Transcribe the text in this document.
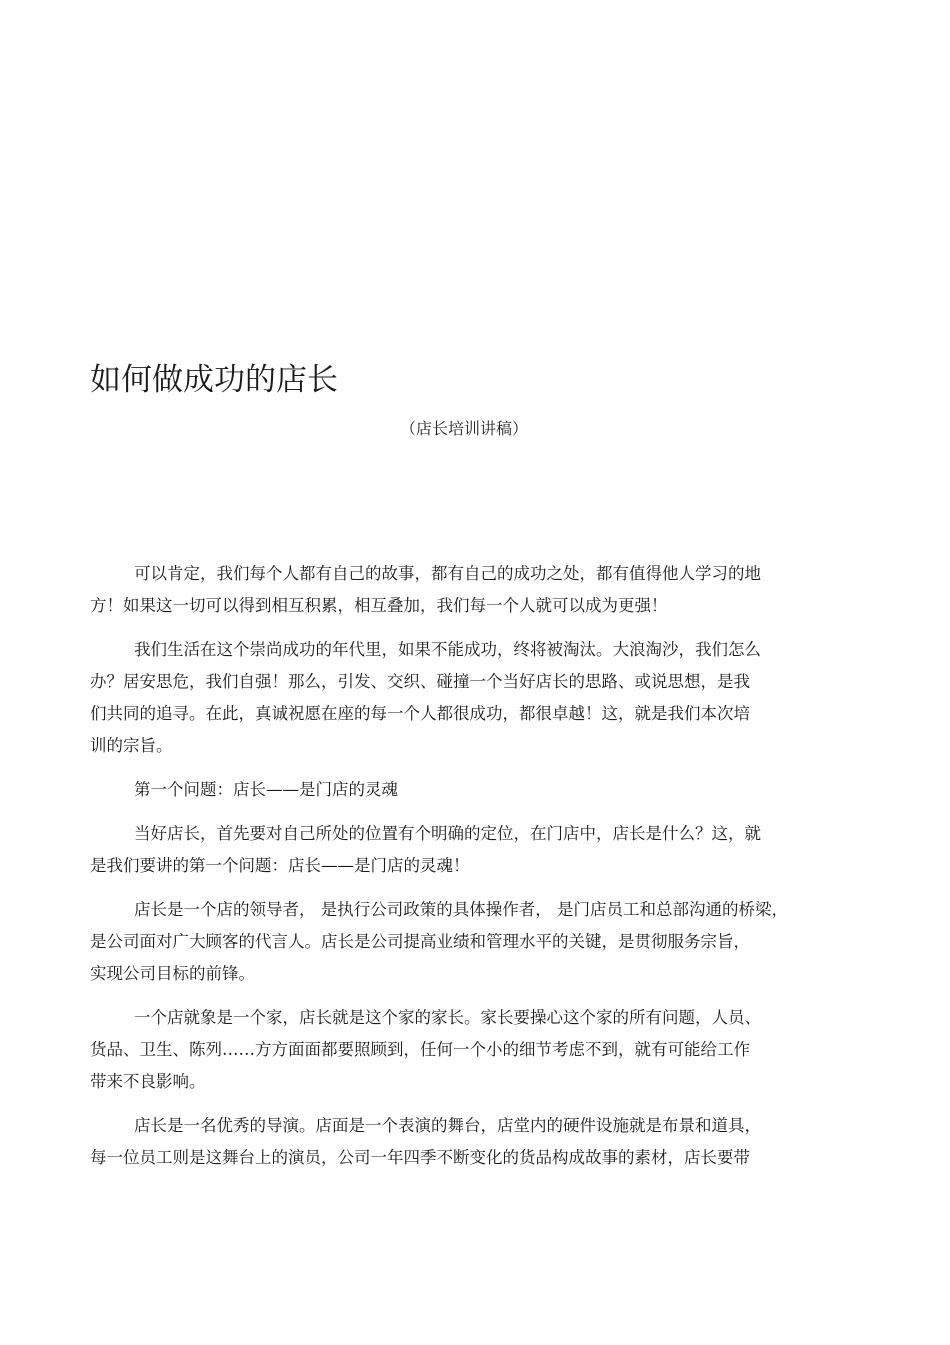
如何做成功的店长
（店长培训讲稿）
可以肯定，我们每个人都有自己的故事，都有自己的成功之处，都有值得他人学习的地
方！如果这一切可以得到相互积累，相互叠加，我们每一个人就可以成为更强！
我们生活在这个崇尚成功的年代里，如果不能成功，终将被淘汰。大浪淘沙，我们怎么
办？居安思危，我们自强！那么，引发、交织、碰撞一个当好店长的思路、或说思想，是我
们共同的追寻。在此，真诚祝愿在座的每一个人都很成功，都很卓越！这，就是我们本次培
训的宗旨。
第一个问题：店长——是门店的灵魂
当好店长，首先要对自己所处的位置有个明确的定位，在门店中，店长是什么？这，就
是我们要讲的第一个问题：店长——是门店的灵魂！
店长是一个店的领导者， 是执行公司政策的具体操作者， 是门店员工和总部沟通的桥梁，
是公司面对广大顾客的代言人。店长是公司提高业绩和管理水平的关键，是贯彻服务宗旨，
实现公司目标的前锋。
一个店就象是一个家，店长就是这个家的家长。家长要操心这个家的所有问题，人员、
货品、卫生、陈列……方方面面都要照顾到，任何一个小的细节考虑不到，就有可能给工作
带来不良影响。
店长是一名优秀的导演。店面是一个表演的舞台，店堂内的硬件设施就是布景和道具，
每一位员工则是这舞台上的演员，公司一年四季不断变化的货品构成故事的素材，店长要带
